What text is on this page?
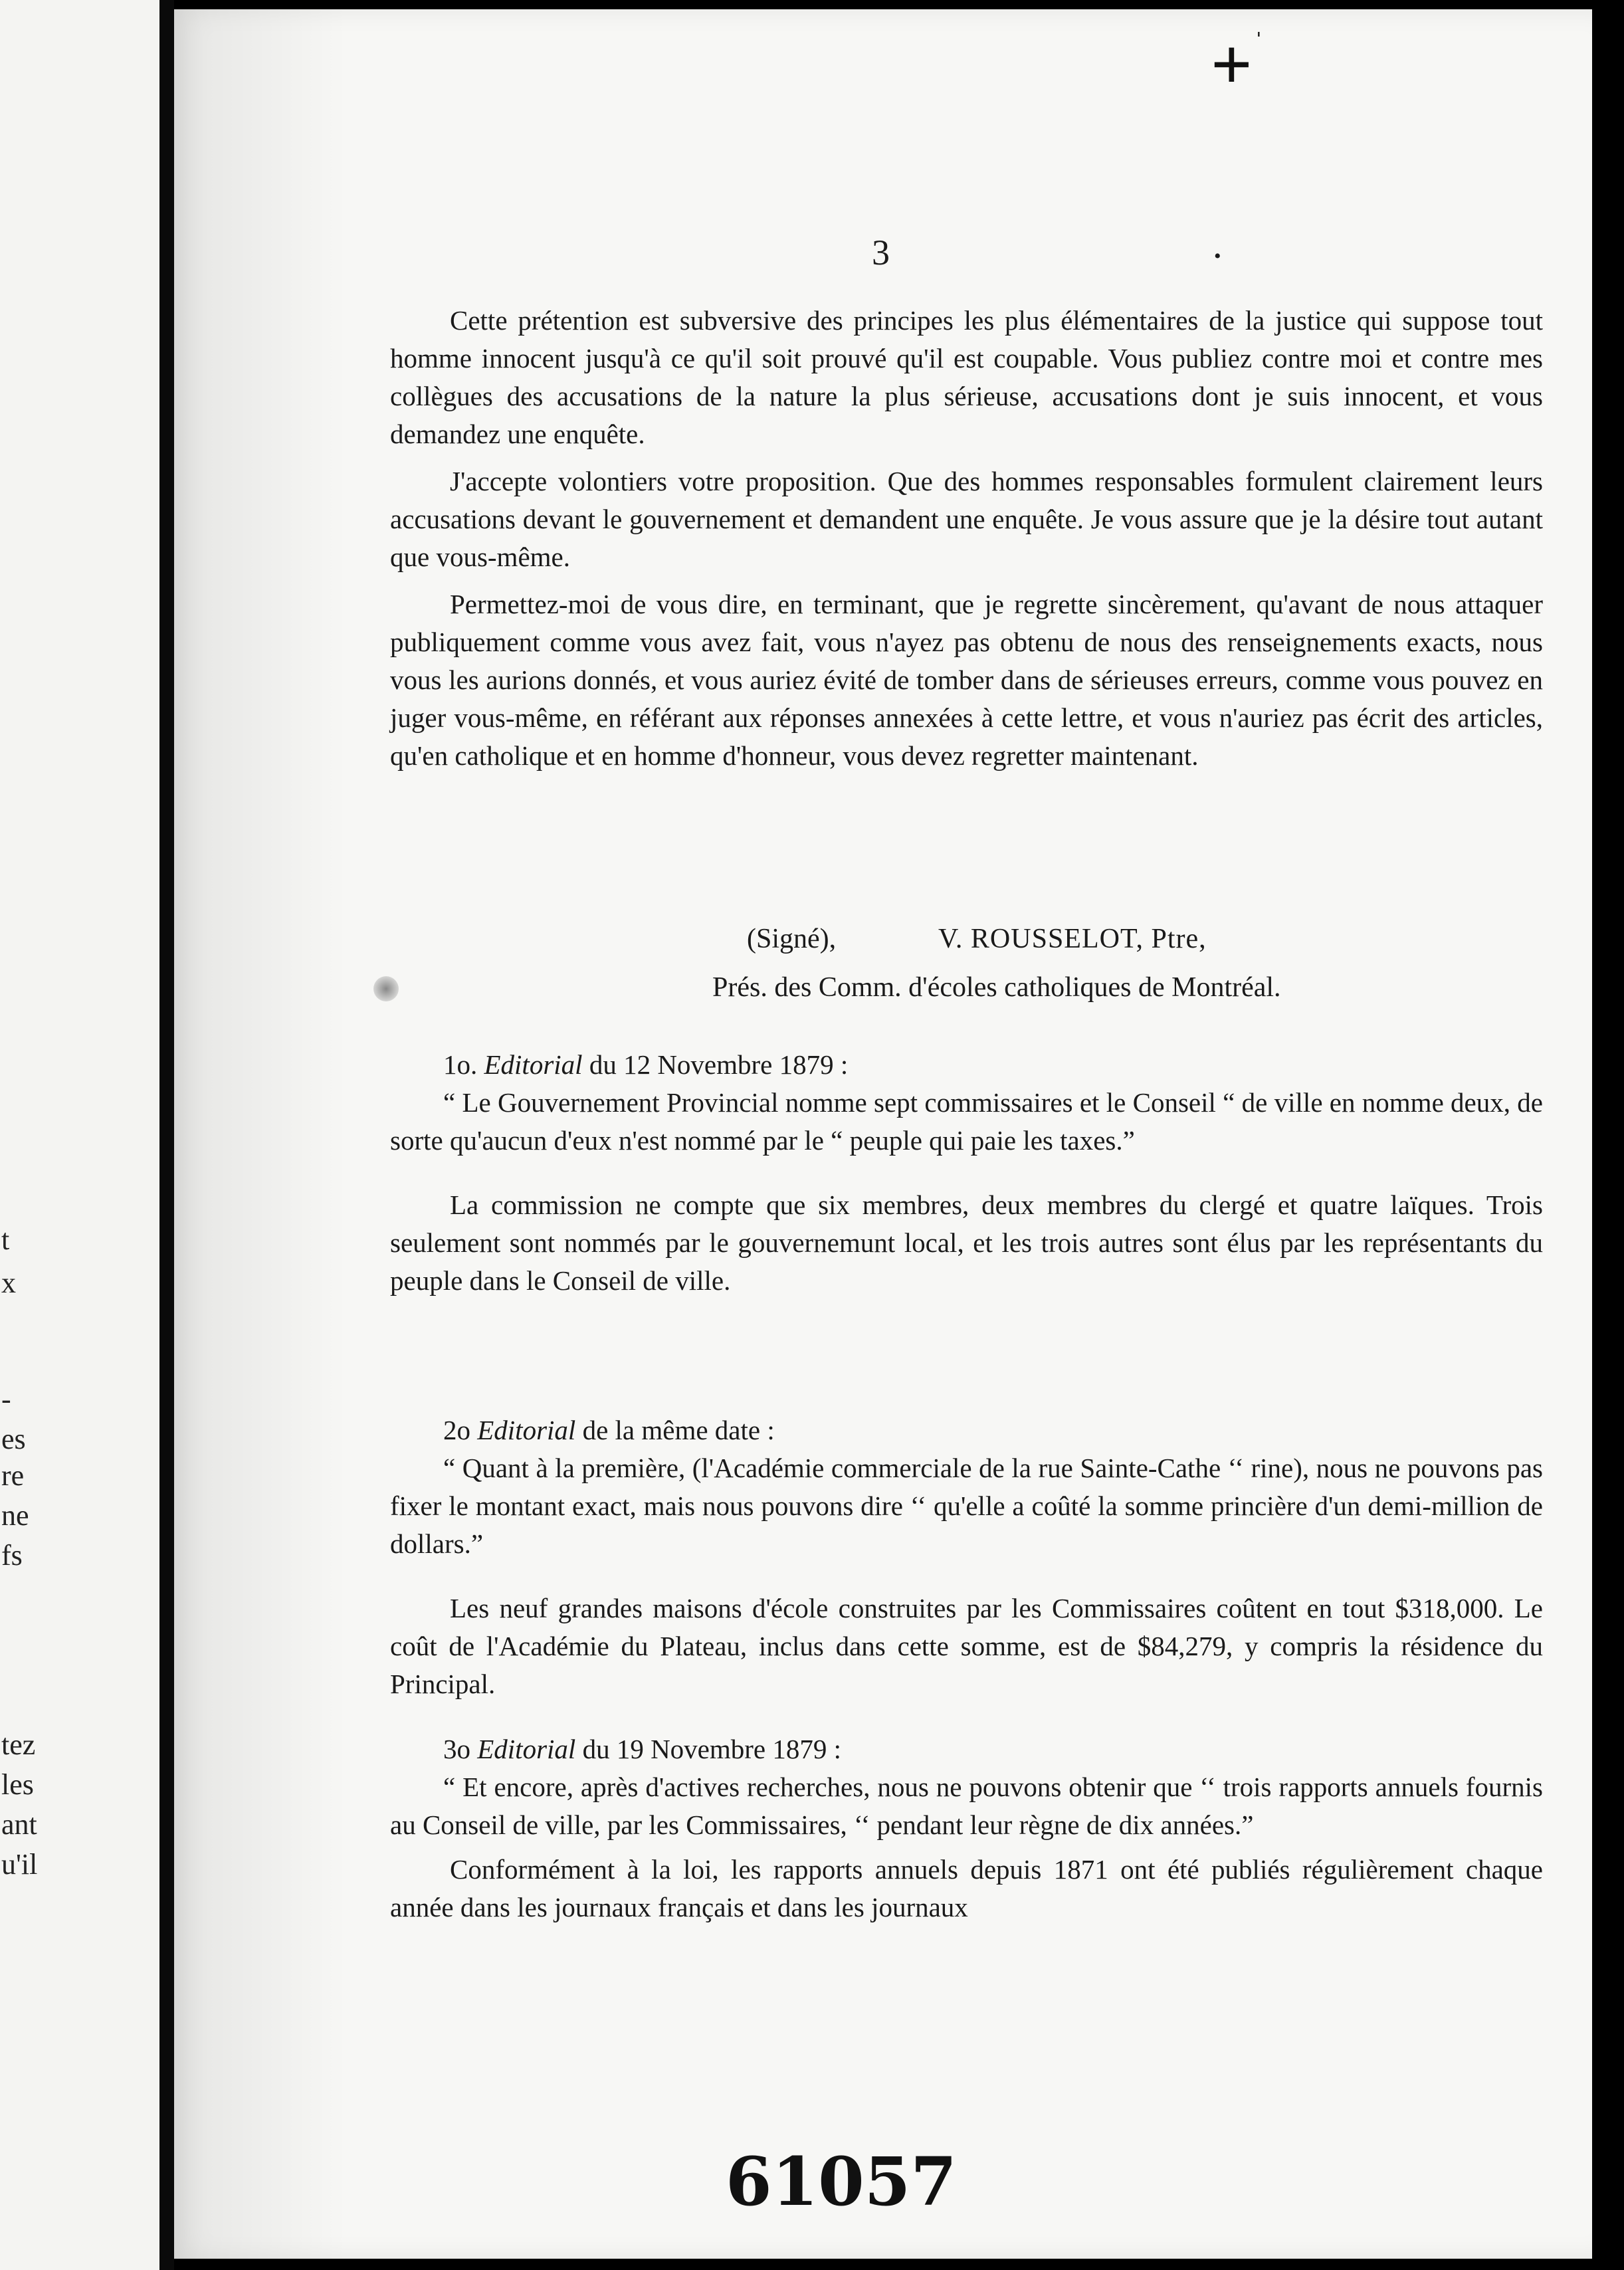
t
x
-
es
re
ne
fs
tez
les
ant
u'il
+ ˈ
3	•

Cette prétention est subversive des principes les plus élémentaires de la justice qui suppose tout homme innocent jusqu'à ce qu'il soit prouvé qu'il est coupable. Vous publiez contre moi et contre mes collègues des accusations de la nature la plus sérieuse, accusations dont je suis innocent, et vous demandez une enquête.

J'accepte volontiers votre proposition. Que des hommes responsables formulent clairement leurs accusations devant le gouvernement et demandent une enquête. Je vous assure que je la désire tout autant que vous-même.

Permettez-moi de vous dire, en terminant, que je regrette sincèrement, qu'avant de nous attaquer publiquement comme vous avez fait, vous n'ayez pas obtenu de nous des renseignements exacts, nous vous les aurions donnés, et vous auriez évité de tomber dans de sérieuses erreurs, comme vous pouvez en juger vous-même, en référant aux réponses annexées à cette lettre, et vous n'auriez pas écrit des articles, qu'en catholique et en homme d'honneur, vous devez regretter maintenant.

(Signé),	V. ROUSSELOT, Ptre,
Prés. des Comm. d'écoles catholiques de Montréal.

1o. Editorial du 12 Novembre 1879 :

“ Le Gouvernement Provincial nomme sept commissaires et le Conseil “ de ville en nomme deux, de sorte qu'aucun d'eux n'est nommé par le “ peuple qui paie les taxes.”

La commission ne compte que six membres, deux membres du clergé et quatre laïques. Trois seulement sont nommés par le gouvernemunt local, et les trois autres sont élus par les représentants du peuple dans le Conseil de ville.

2o Editorial de la même date :

“ Quant à la première, (l'Académie commerciale de la rue Sainte-Cathe ‘‘ rine), nous ne pouvons pas fixer le montant exact, mais nous pouvons dire ‘‘ qu'elle a coûté la somme princière d'un demi-million de dollars.”

Les neuf grandes maisons d'école construites par les Commissaires coûtent en tout $318,000. Le coût de l'Académie du Plateau, inclus dans cette somme, est de $84,279, y compris la résidence du Principal.

3o Editorial du 19 Novembre 1879 :

“ Et encore, après d'actives recherches, nous ne pouvons obtenir que ‘‘ trois rapports annuels fournis au Conseil de ville, par les Commissaires, ‘‘ pendant leur règne de dix années.”

Conformément à la loi, les rapports annuels depuis 1871 ont été publiés régulièrement chaque année dans les journaux français et dans les journaux

61057
